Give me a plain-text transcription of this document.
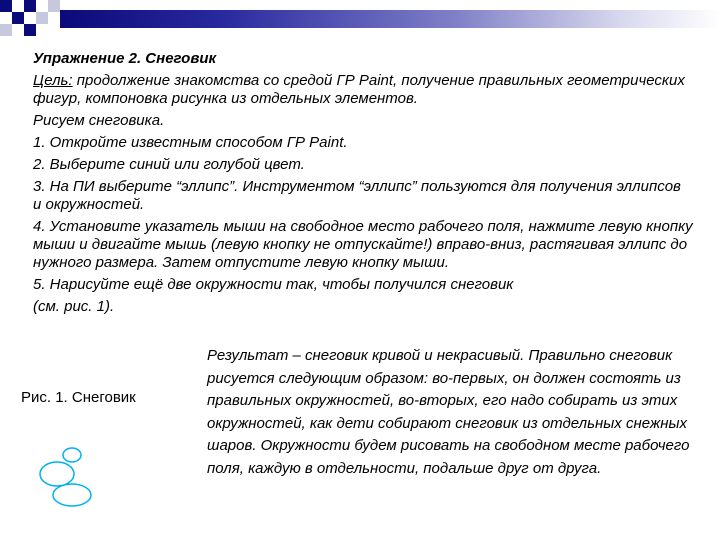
Упражнение 2. Снеговик

Цель: продолжение знакомства со средой ГР Paint, получение правильных геометрических фигур, компоновка рисунка из отдельных элементов.

Рисуем снеговика.

1. Откройте известным способом ГР Paint.

2. Выберите синий или голубой цвет.

3. На ПИ выберите “эллипс”. Инструментом “эллипс” пользуются для получения эллипсов и окружностей.

4. Установите указатель мыши на свободное место рабочего поля, нажмите левую кнопку мыши и двигайте мышь (левую кнопку не отпускайте!) вправо-вниз, растягивая эллипс до нужного размера. Затем отпустите левую кнопку мыши.

5. Нарисуйте ещё две окружности так, чтобы получился снеговик

(см. рис. 1).

Рис. 1. Снеговик
Результат – снеговик кривой и некрасивый. Правильно снеговик рисуется следующим образом: во-первых, он должен состоять из правильных окружностей, во-вторых, его надо собирать из этих окружностей, как дети собирают снеговик из отдельных снежных шаров. Окружности будем рисовать на свободном месте рабочего поля, каждую в отдельности, подальше друг от друга.
